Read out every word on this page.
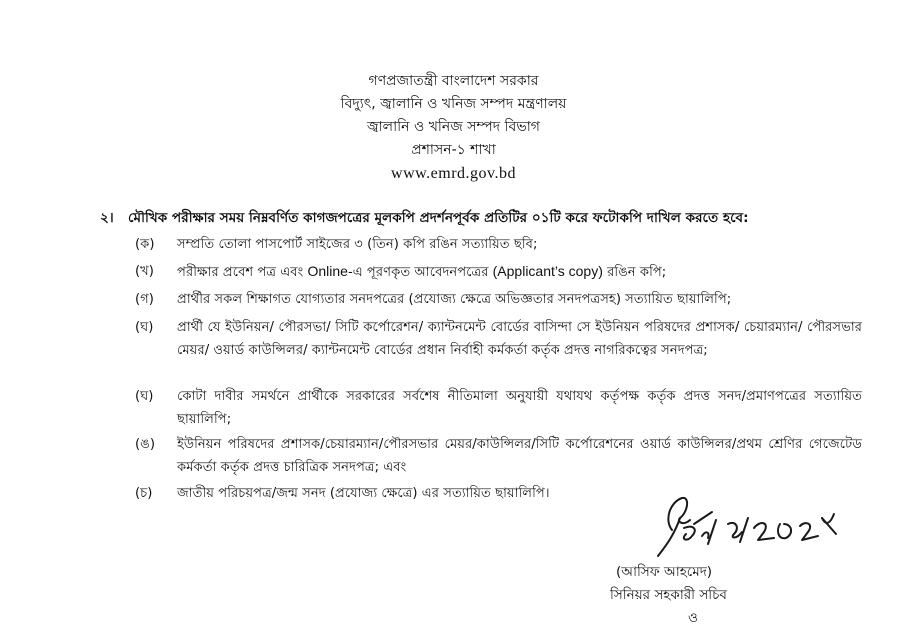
গণপ্রজাতন্ত্রী বাংলাদেশ সরকার
বিদ্যুৎ, জ্বালানি ও খনিজ সম্পদ মন্ত্রণালয়
জ্বালানি ও খনিজ সম্পদ বিভাগ
প্রশাসন-১ শাখা
www.emrd.gov.bd
২। মৌখিক পরীক্ষার সময় নিম্নবর্ণিত কাগজপত্রের মূলকপি প্রদর্শনপূর্বক প্রতিটির ০১টি করে ফটোকপি দাখিল করতে হবে:
(ক)	সম্প্রতি তোলা পাসপোর্ট সাইজের ৩ (তিন) কপি রঙিন সত্যায়িত ছবি;
(খ)	পরীক্ষার প্রবেশ পত্র এবং Online-এ পূরণকৃত আবেদনপত্রের (Applicant’s copy) রঙিন কপি;
(গ)	প্রার্থীর সকল শিক্ষাগত যোগ্যতার সনদপত্রের (প্রযোজ্য ক্ষেত্রে অভিজ্ঞতার সনদপত্রসহ) সত্যায়িত ছায়ালিপি;
(ঘ)	প্রার্থী যে ইউনিয়ন/ পৌরসভা/ সিটি কর্পোরেশন/ ক্যান্টনমেন্ট বোর্ডের বাসিন্দা সে ইউনিয়ন পরিষদের প্রশাসক/ চেয়ারম্যান/ পৌরসভার মেয়র/ ওয়ার্ড কাউন্সিলর/ ক্যান্টনমেন্ট বোর্ডের প্রধান নির্বাহী কর্মকর্তা কর্তৃক প্রদত্ত নাগরিকত্বের সনদপত্র;
(ঘ)	কোটা দাবীর সমর্থনে প্রার্থীকে সরকারের সর্বশেষ নীতিমালা অনুযায়ী যথাযথ কর্তৃপক্ষ কর্তৃক প্রদত্ত সনদ/প্রমাণপত্রের সত্যায়িত ছায়ালিপি;
(ঙ)	ইউনিয়ন পরিষদের প্রশাসক/চেয়ারম্যান/পৌরসভার মেয়র/কাউন্সিলর/সিটি কর্পোরেশনের ওয়ার্ড কাউন্সিলর/প্রথম শ্রেণির গেজেটেড কর্মকর্তা কর্তৃক প্রদত্ত চারিত্রিক সনদপত্র; এবং
(চ)	জাতীয় পরিচয়পত্র/জন্ম সনদ (প্রযোজ্য ক্ষেত্রে) এর সত্যায়িত ছায়ালিপি।
(আসিফ আহমেদ)
সিনিয়র সহকারী সচিব
ও
